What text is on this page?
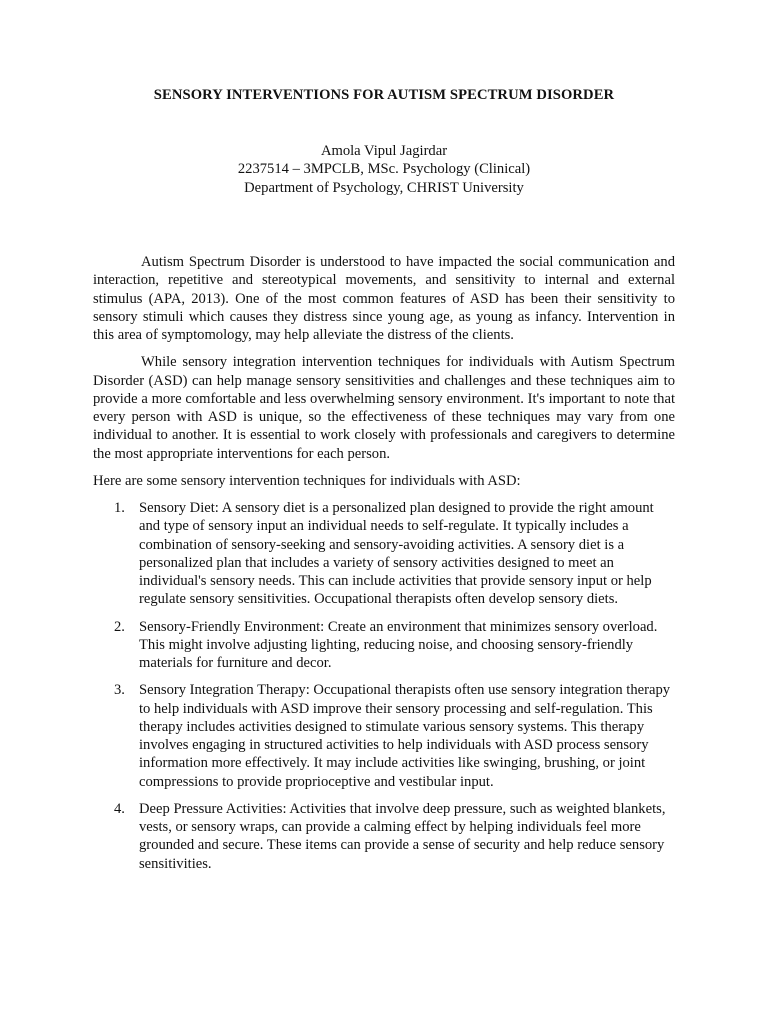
SENSORY INTERVENTIONS FOR AUTISM SPECTRUM DISORDER
Amola Vipul Jagirdar
2237514 – 3MPCLB, MSc. Psychology (Clinical)
Department of Psychology, CHRIST University

Autism Spectrum Disorder is understood to have impacted the social communication and interaction, repetitive and stereotypical movements, and sensitivity to internal and external stimulus (APA, 2013). One of the most common features of ASD has been their sensitivity to sensory stimuli which causes they distress since young age, as young as infancy. Intervention in this area of symptomology, may help alleviate the distress of the clients.

While sensory integration intervention techniques for individuals with Autism Spectrum Disorder (ASD) can help manage sensory sensitivities and challenges and these techniques aim to provide a more comfortable and less overwhelming sensory environment. It's important to note that every person with ASD is unique, so the effectiveness of these techniques may vary from one individual to another. It is essential to work closely with professionals and caregivers to determine the most appropriate interventions for each person.

Here are some sensory intervention techniques for individuals with ASD:

1. Sensory Diet: A sensory diet is a personalized plan designed to provide the right amount and type of sensory input an individual needs to self-regulate. It typically includes a combination of sensory-seeking and sensory-avoiding activities. A sensory diet is a personalized plan that includes a variety of sensory activities designed to meet an individual's sensory needs. This can include activities that provide sensory input or help regulate sensory sensitivities. Occupational therapists often develop sensory diets.
2. Sensory-Friendly Environment: Create an environment that minimizes sensory overload. This might involve adjusting lighting, reducing noise, and choosing sensory-friendly materials for furniture and decor.
3. Sensory Integration Therapy: Occupational therapists often use sensory integration therapy to help individuals with ASD improve their sensory processing and self-regulation. This therapy includes activities designed to stimulate various sensory systems. This therapy involves engaging in structured activities to help individuals with ASD process sensory information more effectively. It may include activities like swinging, brushing, or joint compressions to provide proprioceptive and vestibular input.
4. Deep Pressure Activities: Activities that involve deep pressure, such as weighted blankets, vests, or sensory wraps, can provide a calming effect by helping individuals feel more grounded and secure. These items can provide a sense of security and help reduce sensory sensitivities.
